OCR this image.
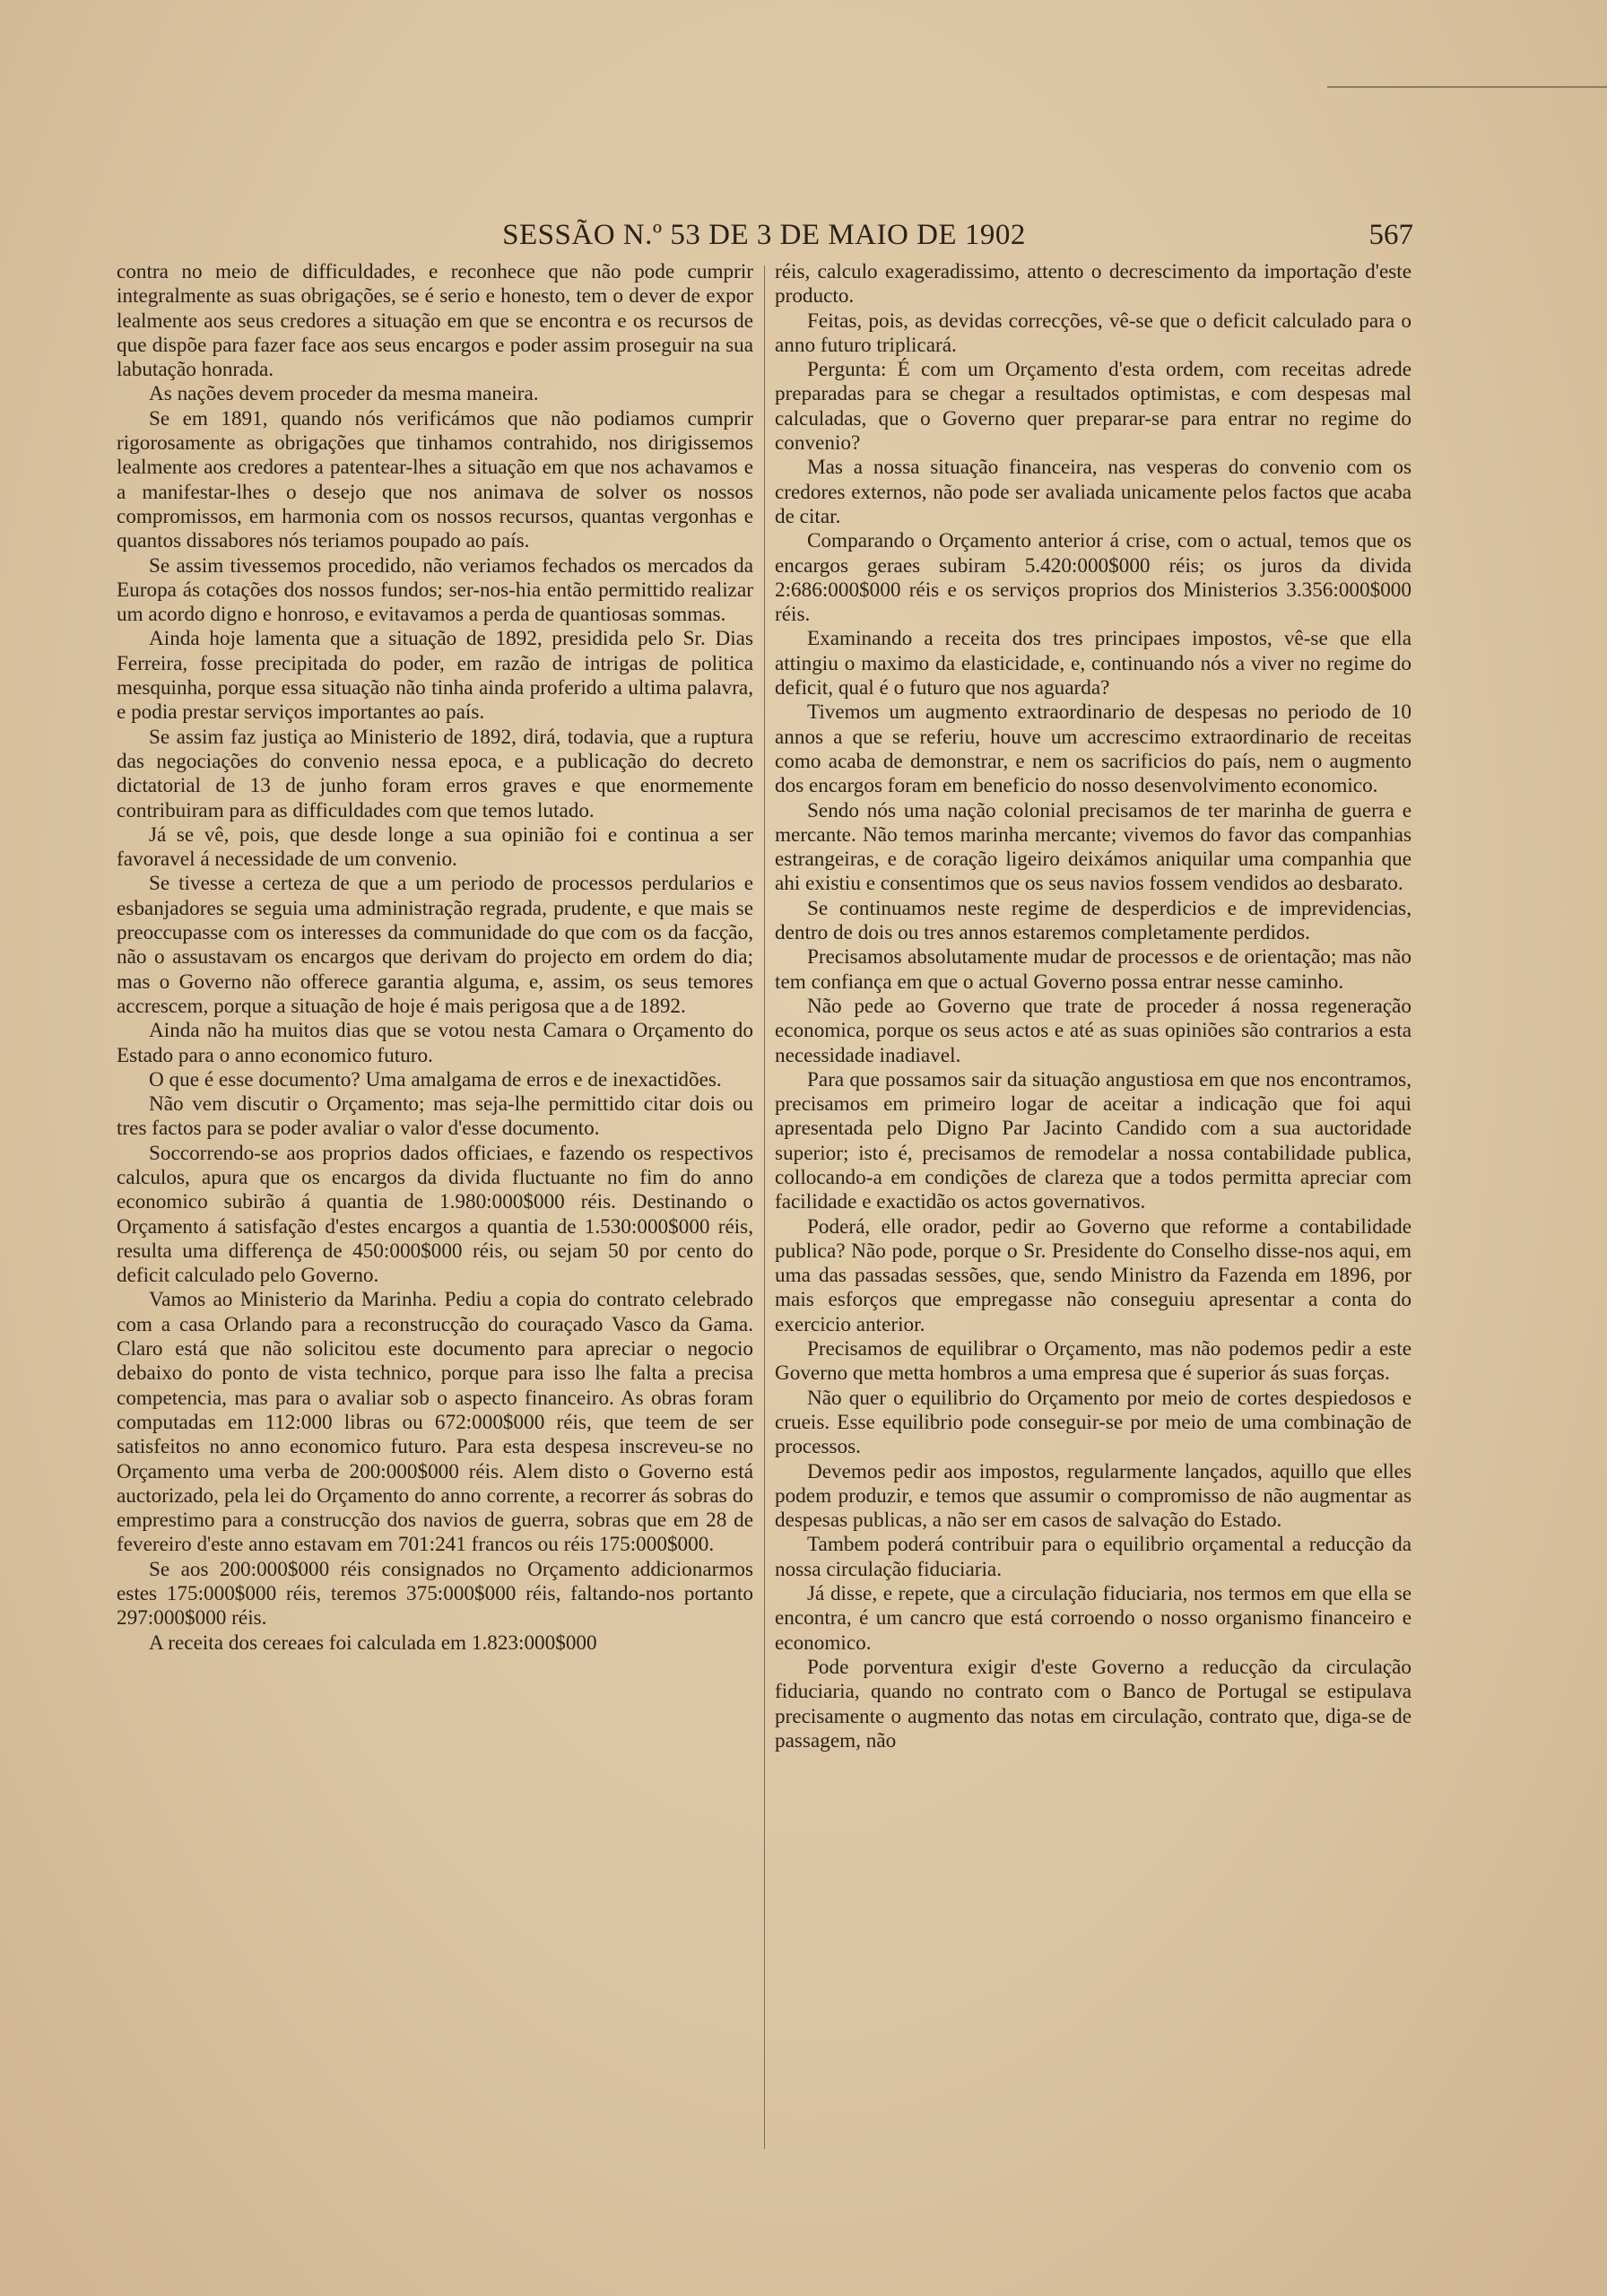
SESSÃO N.º 53 DE 3 DE MAIO DE 1902	567

contra no meio de difficuldades, e reconhece que não pode cumprir integralmente as suas obrigações, se é serio e honesto, tem o dever de expor lealmente aos seus credores a situação em que se encontra e os recursos de que dispõe para fazer face aos seus encargos e poder assim proseguir na sua labutação honrada.

As nações devem proceder da mesma maneira.

Se em 1891, quando nós verificámos que não podiamos cumprir rigorosamente as obrigações que tinhamos contrahido, nos dirigissemos lealmente aos credores a patentear-lhes a situação em que nos achavamos e a manifestar-lhes o desejo que nos animava de solver os nossos compromissos, em harmonia com os nossos recursos, quantas vergonhas e quantos dissabores nós teriamos poupado ao país.

Se assim tivessemos procedido, não veriamos fechados os mercados da Europa ás cotações dos nossos fundos; ser-nos-hia então permittido realizar um acordo digno e honroso, e evitavamos a perda de quantiosas sommas.

Ainda hoje lamenta que a situação de 1892, presidida pelo Sr. Dias Ferreira, fosse precipitada do poder, em razão de intrigas de politica mesquinha, porque essa situação não tinha ainda proferido a ultima palavra, e podia prestar serviços importantes ao país.

Se assim faz justiça ao Ministerio de 1892, dirá, todavia, que a ruptura das negociações do convenio nessa epoca, e a publicação do decreto dictatorial de 13 de junho foram erros graves e que enormemente contribuiram para as difficuldades com que temos lutado.

Já se vê, pois, que desde longe a sua opinião foi e continua a ser favoravel á necessidade de um convenio.

Se tivesse a certeza de que a um periodo de processos perdularios e esbanjadores se seguia uma administração regrada, prudente, e que mais se preoccupasse com os interesses da communidade do que com os da facção, não o assustavam os encargos que derivam do projecto em ordem do dia; mas o Governo não offerece garantia alguma, e, assim, os seus temores accrescem, porque a situação de hoje é mais perigosa que a de 1892.

Ainda não ha muitos dias que se votou nesta Camara o Orçamento do Estado para o anno economico futuro.

O que é esse documento? Uma amalgama de erros e de inexactidões.

Não vem discutir o Orçamento; mas seja-lhe permittido citar dois ou tres factos para se poder avaliar o valor d'esse documento.

Soccorrendo-se aos proprios dados officiaes, e fazendo os respectivos calculos, apura que os encargos da divida fluctuante no fim do anno economico subirão á quantia de 1.980:000$000 réis. Destinando o Orçamento á satisfação d'estes encargos a quantia de 1.530:000$000 réis, resulta uma differença de 450:000$000 réis, ou sejam 50 por cento do deficit calculado pelo Governo.

Vamos ao Ministerio da Marinha. Pediu a copia do contrato celebrado com a casa Orlando para a reconstrucção do couraçado Vasco da Gama. Claro está que não solicitou este documento para apreciar o negocio debaixo do ponto de vista technico, porque para isso lhe falta a precisa competencia, mas para o avaliar sob o aspecto financeiro. As obras foram computadas em 112:000 libras ou 672:000$000 réis, que teem de ser satisfeitos no anno economico futuro. Para esta despesa inscreveu-se no Orçamento uma verba de 200:000$000 réis. Alem disto o Governo está auctorizado, pela lei do Orçamento do anno corrente, a recorrer ás sobras do emprestimo para a construcção dos navios de guerra, sobras que em 28 de fevereiro d'este anno estavam em 701:241 francos ou réis 175:000$000.

Se aos 200:000$000 réis consignados no Orçamento addicionarmos estes 175:000$000 réis, teremos 375:000$000 réis, faltando-nos portanto 297:000$000 réis.

A receita dos cereaes foi calculada em 1.823:000$000

réis, calculo exageradissimo, attento o decrescimento da importação d'este producto.

Feitas, pois, as devidas correcções, vê-se que o deficit calculado para o anno futuro triplicará.

Pergunta: É com um Orçamento d'esta ordem, com receitas adrede preparadas para se chegar a resultados optimistas, e com despesas mal calculadas, que o Governo quer preparar-se para entrar no regime do convenio?

Mas a nossa situação financeira, nas vesperas do convenio com os credores externos, não pode ser avaliada unicamente pelos factos que acaba de citar.

Comparando o Orçamento anterior á crise, com o actual, temos que os encargos geraes subiram 5.420:000$000 réis; os juros da divida 2:686:000$000 réis e os serviços proprios dos Ministerios 3.356:000$000 réis.

Examinando a receita dos tres principaes impostos, vê-se que ella attingiu o maximo da elasticidade, e, continuando nós a viver no regime do deficit, qual é o futuro que nos aguarda?

Tivemos um augmento extraordinario de despesas no periodo de 10 annos a que se referiu, houve um accrescimo extraordinario de receitas como acaba de demonstrar, e nem os sacrificios do país, nem o augmento dos encargos foram em beneficio do nosso desenvolvimento economico.

Sendo nós uma nação colonial precisamos de ter marinha de guerra e mercante. Não temos marinha mercante; vivemos do favor das companhias estrangeiras, e de coração ligeiro deixámos aniquilar uma companhia que ahi existiu e consentimos que os seus navios fossem vendidos ao desbarato.

Se continuamos neste regime de desperdicios e de imprevidencias, dentro de dois ou tres annos estaremos completamente perdidos.

Precisamos absolutamente mudar de processos e de orientação; mas não tem confiança em que o actual Governo possa entrar nesse caminho.

Não pede ao Governo que trate de proceder á nossa regeneração economica, porque os seus actos e até as suas opiniões são contrarios a esta necessidade inadiavel.

Para que possamos sair da situação angustiosa em que nos encontramos, precisamos em primeiro logar de aceitar a indicação que foi aqui apresentada pelo Digno Par Jacinto Candido com a sua auctoridade superior; isto é, precisamos de remodelar a nossa contabilidade publica, collocando-a em condições de clareza que a todos permitta apreciar com facilidade e exactidão os actos governativos.

Poderá, elle orador, pedir ao Governo que reforme a contabilidade publica? Não pode, porque o Sr. Presidente do Conselho disse-nos aqui, em uma das passadas sessões, que, sendo Ministro da Fazenda em 1896, por mais esforços que empregasse não conseguiu apresentar a conta do exercicio anterior.

Precisamos de equilibrar o Orçamento, mas não podemos pedir a este Governo que metta hombros a uma empresa que é superior ás suas forças.

Não quer o equilibrio do Orçamento por meio de cortes despiedosos e crueis. Esse equilibrio pode conseguir-se por meio de uma combinação de processos.

Devemos pedir aos impostos, regularmente lançados, aquillo que elles podem produzir, e temos que assumir o compromisso de não augmentar as despesas publicas, a não ser em casos de salvação do Estado.

Tambem poderá contribuir para o equilibrio orçamental a reducção da nossa circulação fiduciaria.

Já disse, e repete, que a circulação fiduciaria, nos termos em que ella se encontra, é um cancro que está corroendo o nosso organismo financeiro e economico.

Pode porventura exigir d'este Governo a reducção da circulação fiduciaria, quando no contrato com o Banco de Portugal se estipulava precisamente o augmento das notas em circulação, contrato que, diga-se de passagem, não
